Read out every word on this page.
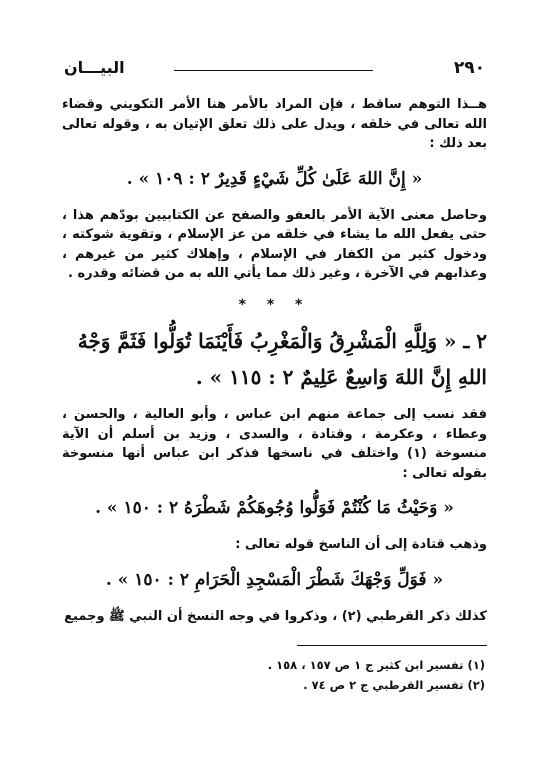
٢٩٠
البيـــان

هــذا التوهم ساقط ، فإن المراد بالأمر هنا الأمر التكويني وقضاء الله تعالى في خلقه ، ويدل على ذلك تعلق الإتيان به ، وقوله تعالى بعد ذلك :

« إِنَّ اللهَ عَلَىٰ كُلِّ شَيْءٍ قَدِيرٌ ٢ : ١٠٩ » .

وحاصل معنى الآية الأمر بالعفو والصفح عن الكتابيين بودّهم هذا ، حتى يفعل الله ما يشاء في خلقه من عز الإسلام ، وتقوية شوكته ، ودخول كثير من الكفار في الإسلام ، وإهلاك كثير من غيرهم ، وعذابهم في الآخرة ، وغير ذلك مما يأتي الله به من قضائه وقدره .

* * *

٢ ـ « وَلِلَّهِ الْمَشْرِقُ وَالْمَغْرِبُ فَأَيْنَمَا تُوَلُّوا فَثَمَّ وَجْهُ اللهِ إِنَّ اللهَ وَاسِعٌ عَلِيمٌ ٢ : ١١٥ » .

فقد نسب إلى جماعة منهم ابن عباس ، وأبو العالية ، والحسن ، وعطاء ، وعكرمة ، وقتادة ، والسدى ، وزيد بن أسلم أن الآية منسوخة (١) واختلف في ناسخها فذكر ابن عباس أنها منسوخة بقوله تعالى :

« وَحَيْثُ مَا كُنْتُمْ فَوَلُّوا وُجُوهَكُمْ شَطْرَهُ ٢ : ١٥٠ » .

وذهب قتادة إلى أن الناسخ قوله تعالى :

« فَوَلِّ وَجْهَكَ شَطْرَ الْمَسْجِدِ الْحَرَامِ ٢ : ١٥٠ » .

كذلك ذكر القرطبي (٢) ، وذكروا في وجه النسخ أن النبي ﷺ وجميع

(١) تفسير ابن كثير ج ١ ص ١٥٧ ، ١٥٨ .

(٢) تفسير القرطبي ج ٢ ص ٧٤ .
